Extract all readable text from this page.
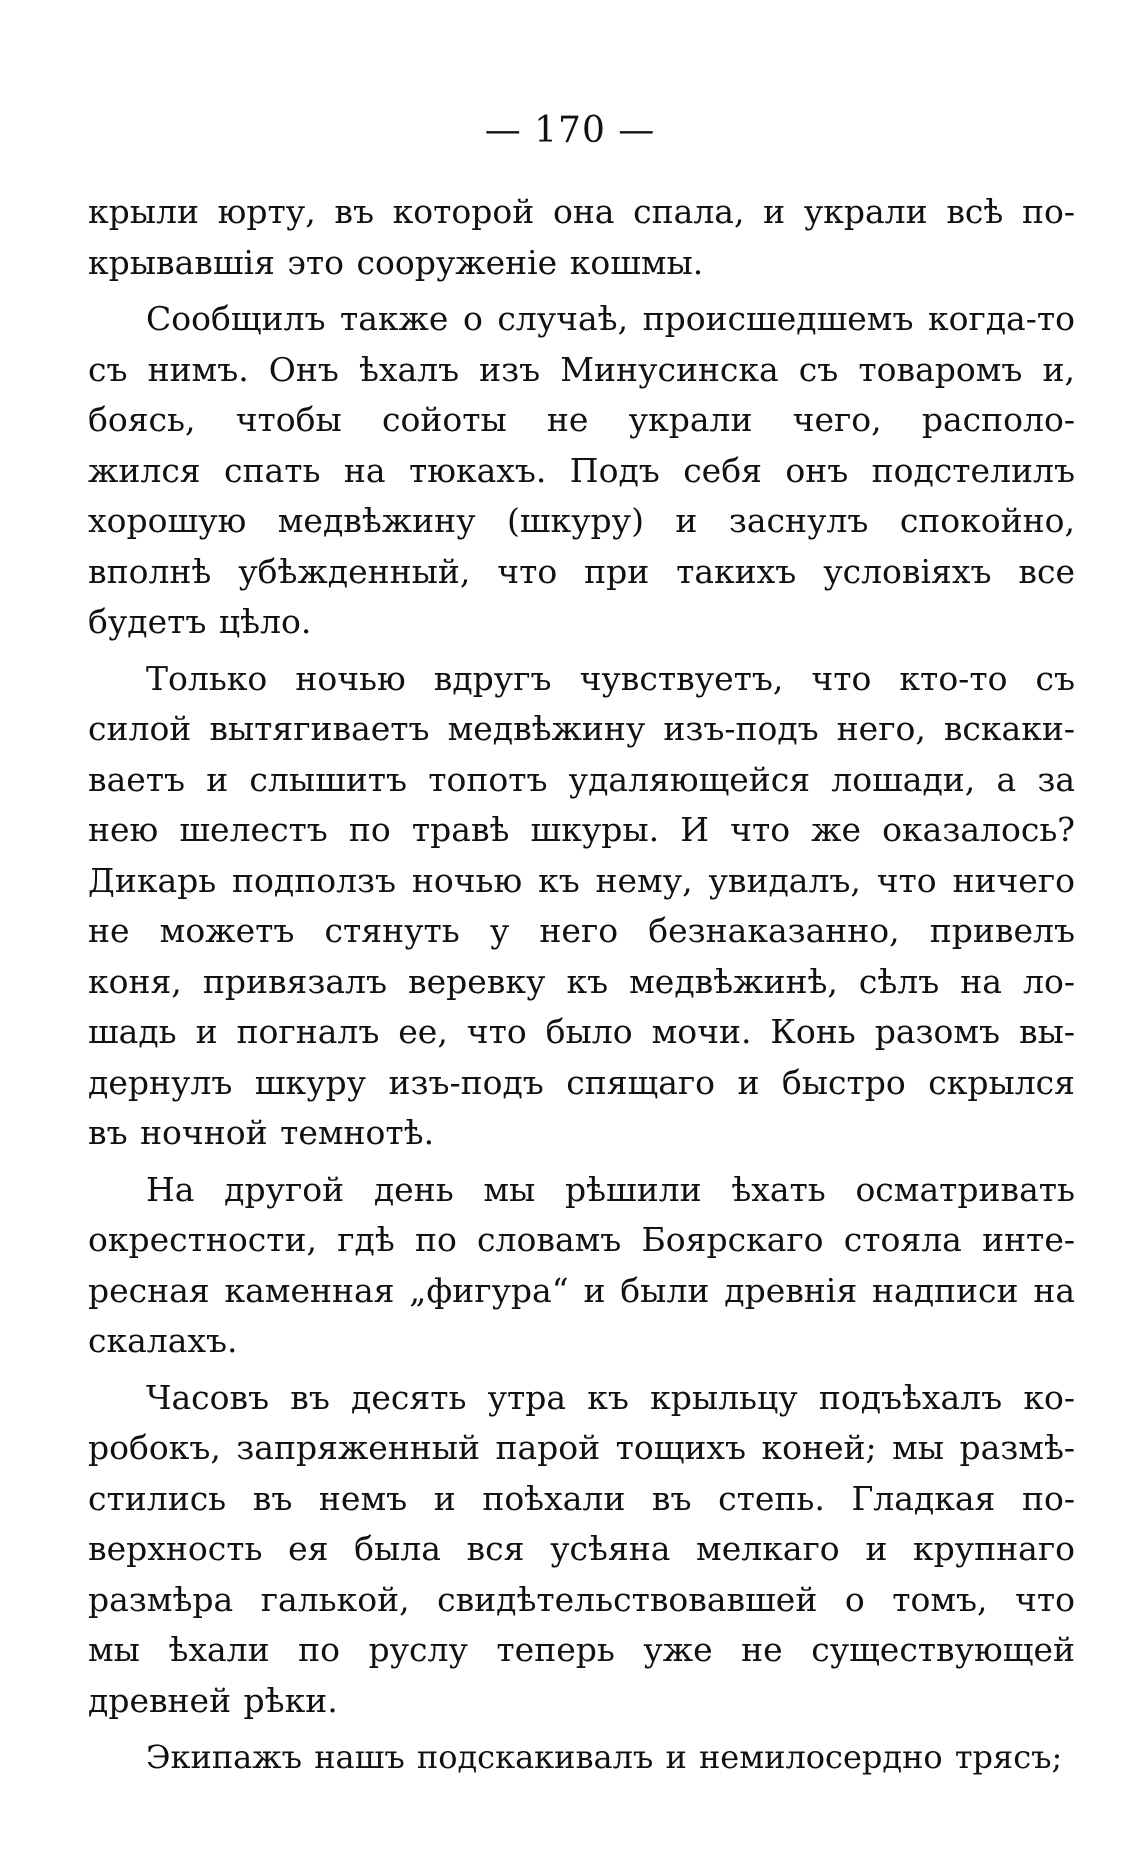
— 170 —
крыли юрту, въ которой она спала, и украли всѣ по-
крывавшія это сооруженіе кошмы.
Сообщилъ также о случаѣ, происшедшемъ когда-то
съ нимъ. Онъ ѣхалъ изъ Минусинска съ товаромъ и,
боясь, чтобы сойоты не украли чего, располо-
жился спать на тюкахъ. Подъ себя онъ подстелилъ
хорошую медвѣжину (шкуру) и заснулъ спокойно,
вполнѣ убѣжденный, что при такихъ условіяхъ все
будетъ цѣло.
Только ночью вдругъ чувствуетъ, что кто-то съ
силой вытягиваетъ медвѣжину изъ-подъ него, вскаки-
ваетъ и слышитъ топотъ удаляющейся лошади, а за
нею шелестъ по травѣ шкуры. И что же оказалось?
Дикарь подползъ ночью къ нему, увидалъ, что ничего
не можетъ стянуть у него безнаказанно, привелъ
коня, привязалъ веревку къ медвѣжинѣ, сѣлъ на ло-
шадь и погналъ ее, что было мочи. Конь разомъ вы-
дернулъ шкуру изъ-подъ спящаго и быстро скрылся
въ ночной темнотѣ.
На другой день мы рѣшили ѣхать осматривать
окрестности, гдѣ по словамъ Боярскаго стояла инте-
ресная каменная „фигура“ и были древнія надписи на
скалахъ.
Часовъ въ десять утра къ крыльцу подъѣхалъ ко-
робокъ, запряженный парой тощихъ коней; мы размѣ-
стились въ немъ и поѣхали въ степь. Гладкая по-
верхность ея была вся усѣяна мелкаго и крупнаго
размѣра галькой, свидѣтельствовавшей о томъ, что
мы ѣхали по руслу теперь уже не существующей
древней рѣки.
Экипажъ нашъ подскакивалъ и немилосердно трясъ;
